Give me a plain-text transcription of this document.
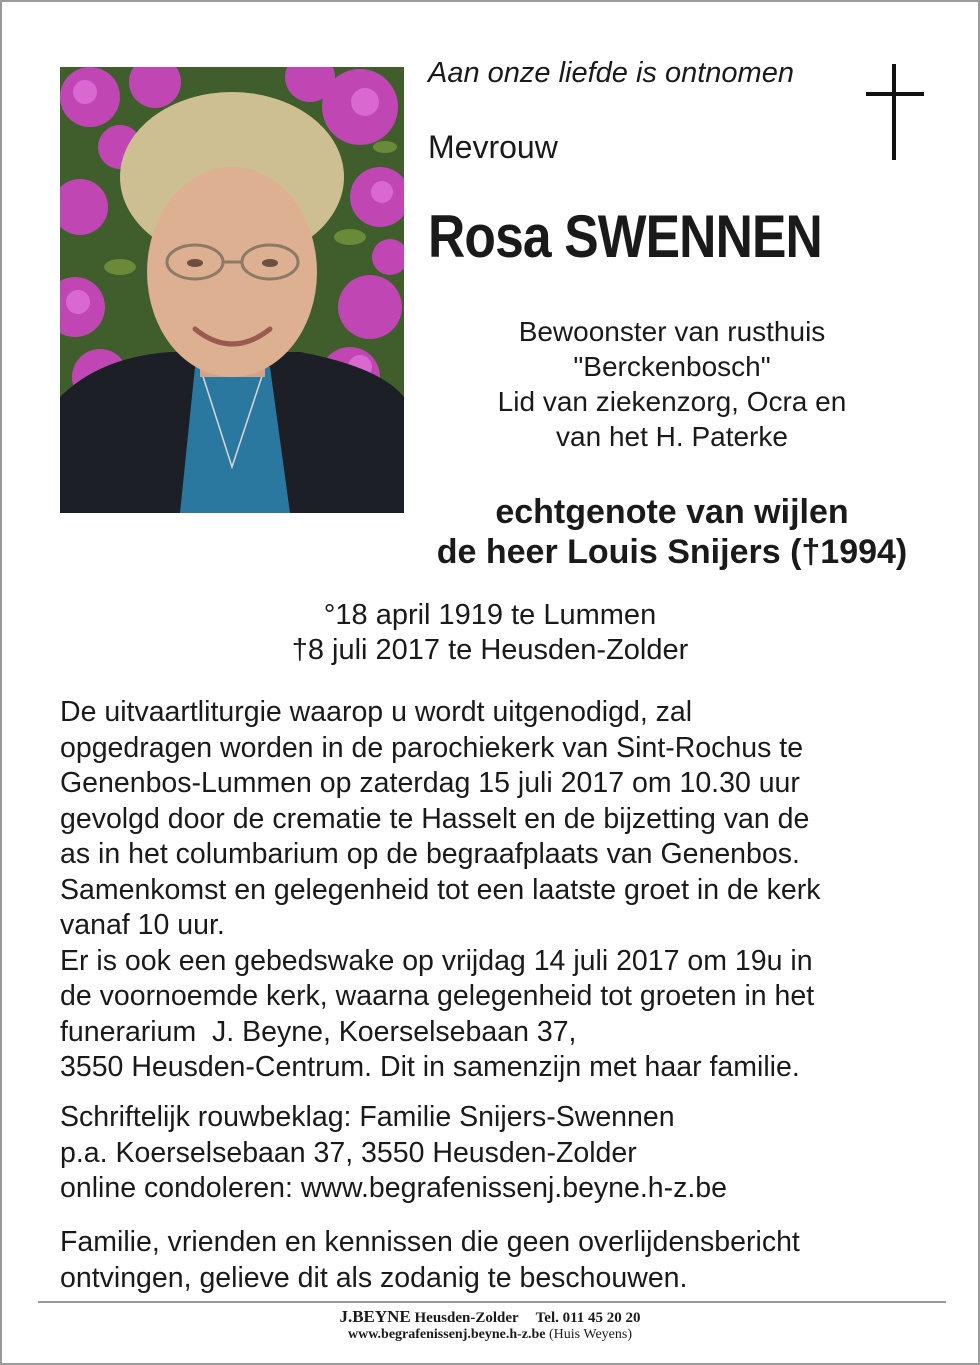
Aan onze liefde is ontnomen

Mevrouw

Rosa SWENNEN

Bewoonster van rusthuis
"Berckenbosch"
Lid van ziekenzorg, Ocra en
van het H. Paterke
echtgenote van wijlen
de heer Louis Snijers (†1994)
°18 april 1919 te Lummen
†8 juli 2017 te Heusden-Zolder
De uitvaartliturgie waarop u wordt uitgenodigd, zal
opgedragen worden in de parochiekerk van Sint-Rochus te
Genenbos-Lummen op zaterdag 15 juli 2017 om 10.30 uur
gevolgd door de crematie te Hasselt en de bijzetting van de
as in het columbarium op de begraafplaats van Genenbos.
Samenkomst en gelegenheid tot een laatste groet in de kerk
vanaf 10 uur.
Er is ook een gebedswake op vrijdag 14 juli 2017 om 19u in
de voornoemde kerk, waarna gelegenheid tot groeten in het
funerarium  J. Beyne, Koerselsebaan 37,
3550 Heusden-Centrum. Dit in samenzijn met haar familie.
Schriftelijk rouwbeklag: Familie Snijers-Swennen
p.a. Koerselsebaan 37, 3550 Heusden-Zolder
online condoleren: www.begrafenissenj.beyne.h-z.be
Familie, vrienden en kennissen die geen overlijdensbericht
ontvingen, gelieve dit als zodanig te beschouwen.
J.BEYNE Heusden-Zolder Tel. 011 45 20 20
www.begrafenissenj.beyne.h-z.be (Huis Weyens)
